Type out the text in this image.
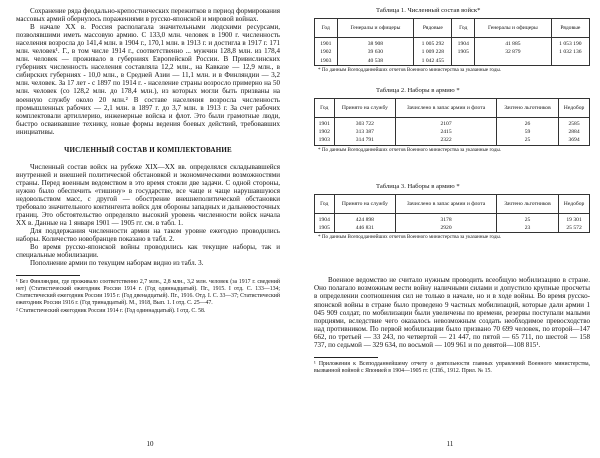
Сохранение ряда феодально-крепостнических пережитков в период формирования массовых армий обернулось поражениями в русско-японской и мировой войнах.

В начале XX в. Россия располагала значительными людскими ресурсами, позволявшими иметь массовую армию. С 133,0 млн. человек в 1900 г. численность населения возросла до 141,4 млн. в 1904 г., 170,1 млн. в 1913 г. и достигла в 1917 г. 171 млн. человек¹. Г., в том числе 1914 г., соответственно ... мужчин 128,8 млн. из 178,4 млн. человек — проживало в губерниях Европейской России. В Привислинских губерниях численность населения составляла 12,2 млн., на Кавказе — 12,9 млн., в сибирских губерниях - 10,0 млн., в Средней Азии — 11,1 млн. и в Финляндии — 3,2 млн. человек. За 17 лет - с 1897 по 1914 г. - население страны возросло примерно на 50 млн. человек (со 128,2 млн. до 178,4 млн.), из которых могли быть призваны на военную службу около 20 млн.² В составе населения возросла численность промышленных рабочих — 2,1 млн. в 1897 г. до 3,7 млн. в 1913 г. За счет рабочих комплектовали артиллерию, инженерные войска и флот. Это были грамотные люди, быстро осваивавшие технику, новые формы ведения боевых действий, требовавших инициативы.

ЧИСЛЕННЫЙ СОСТАВ И КОМПЛЕКТОВАНИЕ

Численный состав войск на рубеже XIX—XX вв. определялся складывавшейся внутренней и внешней политической обстановкой и экономическими возможностями страны. Перед военным ведомством в это время стояли две задачи. С одной стороны, нужно было обеспечить «тишину» в государстве, все чаще и чаще нарушавшуюся недовольством масс, с другой — обострение внешнеполитической обстановки требовало значительного контингента войск для обороны западных и дальневосточных границ. Это обстоятельство определяло высокий уровень численности войск начала XX в. Данные на 1 января 1901 — 1905 гг. см. в табл. 1.

Для поддержания численности армии на таком уровне ежегодно проводились наборы. Количество новобранцев показано в табл. 2.

Во время русско-японской войны проводились как текущие наборы, так и специальные мобилизации.

Пополнение армии по текущим наборам видно из табл. 3.

¹ Без Финляндии, где проживало соответственно 2,7 млн., 2,8 млн., 3,2 млн. человек (за 1917 г. сведений нет) (Статистический ежегодник России 1914 г. (Год одиннадцатый). Пг., 1915. I отд. С. 133—134; Статистический ежегодник России 1915 г. (Год двенадцатый). Пг., 1916. Отд. I. С. 33—37; Статистический ежегодник России 1916 г. (Год тринадцатый). М., 1918, Вып. 1. I отд. С. 25—47.

² Статистический ежегодник России 1914 г. (Год одиннадцатый). I отд. С. 58.

10
Таблица 1. Численный состав войск*
Год	Генералы и офицеры	Рядовые	Год	Генералы и офицеры	Рядовые
1901	38 908	1 005 292	1904	41 885	1 053 190
1902	39 630	1 009 228	1905	32 879	1 032 136
1903	40 538	1 042 455			
* По данным Всеподданнейших отчетов Военного министерства за указанные годы.
Таблица 2. Наборы в армию *
Год	Принято на службу	Зачислено в запас армии и флота	Зачтено льготников	Недобор
1901	303 722	2107	26	2585
1902	313 387	2415	59	2884
1903	314 791	2322	25	3694
* По данным Всеподданнейших отчетов Военного министерства за указанные годы.
Таблица 3. Наборы в армию *
Год	Принято на службу	Зачислено в запас армии и флота	Зачтено льготников	Недобор
1904	424 898	3178	25	19 301
1905	446 831	2920	23	25 572
* По данным Всеподданнейших отчетов Военного министерства за указанные годы.

Военное ведомство не считало нужным проводить всеобщую мобилизацию в стране. Оно полагало возможным вести войну наличными силами и допустило крупные просчеты в определении соотношения сил не только в начале, но и в ходе войны. Во время русско-японской войны в стране было проведено 9 частных мобилизаций, которые дали армии 1 045 909 солдат, по мобилизации были увеличены по времени, резервы поступали малыми порциями, вследствие чего оказалось невозможным создать необходимое превосходство над противником. По первой мобилизации было призвано 70 699 человек, по второй—147 662, по третьей — 33 243, по четвертой — 21 447, по пятой — 65 711, по шестой — 158 737, по седьмой — 329 634, по восьмой — 109 961 и по девятой—108 815¹.

¹ Приложения к Всеподданнейшему отчету о деятельности главных управлений Военного министерства, вызванной войной с Японией в 1904—1905 гг. (СПб., 1912. Прил. № 15.

11
